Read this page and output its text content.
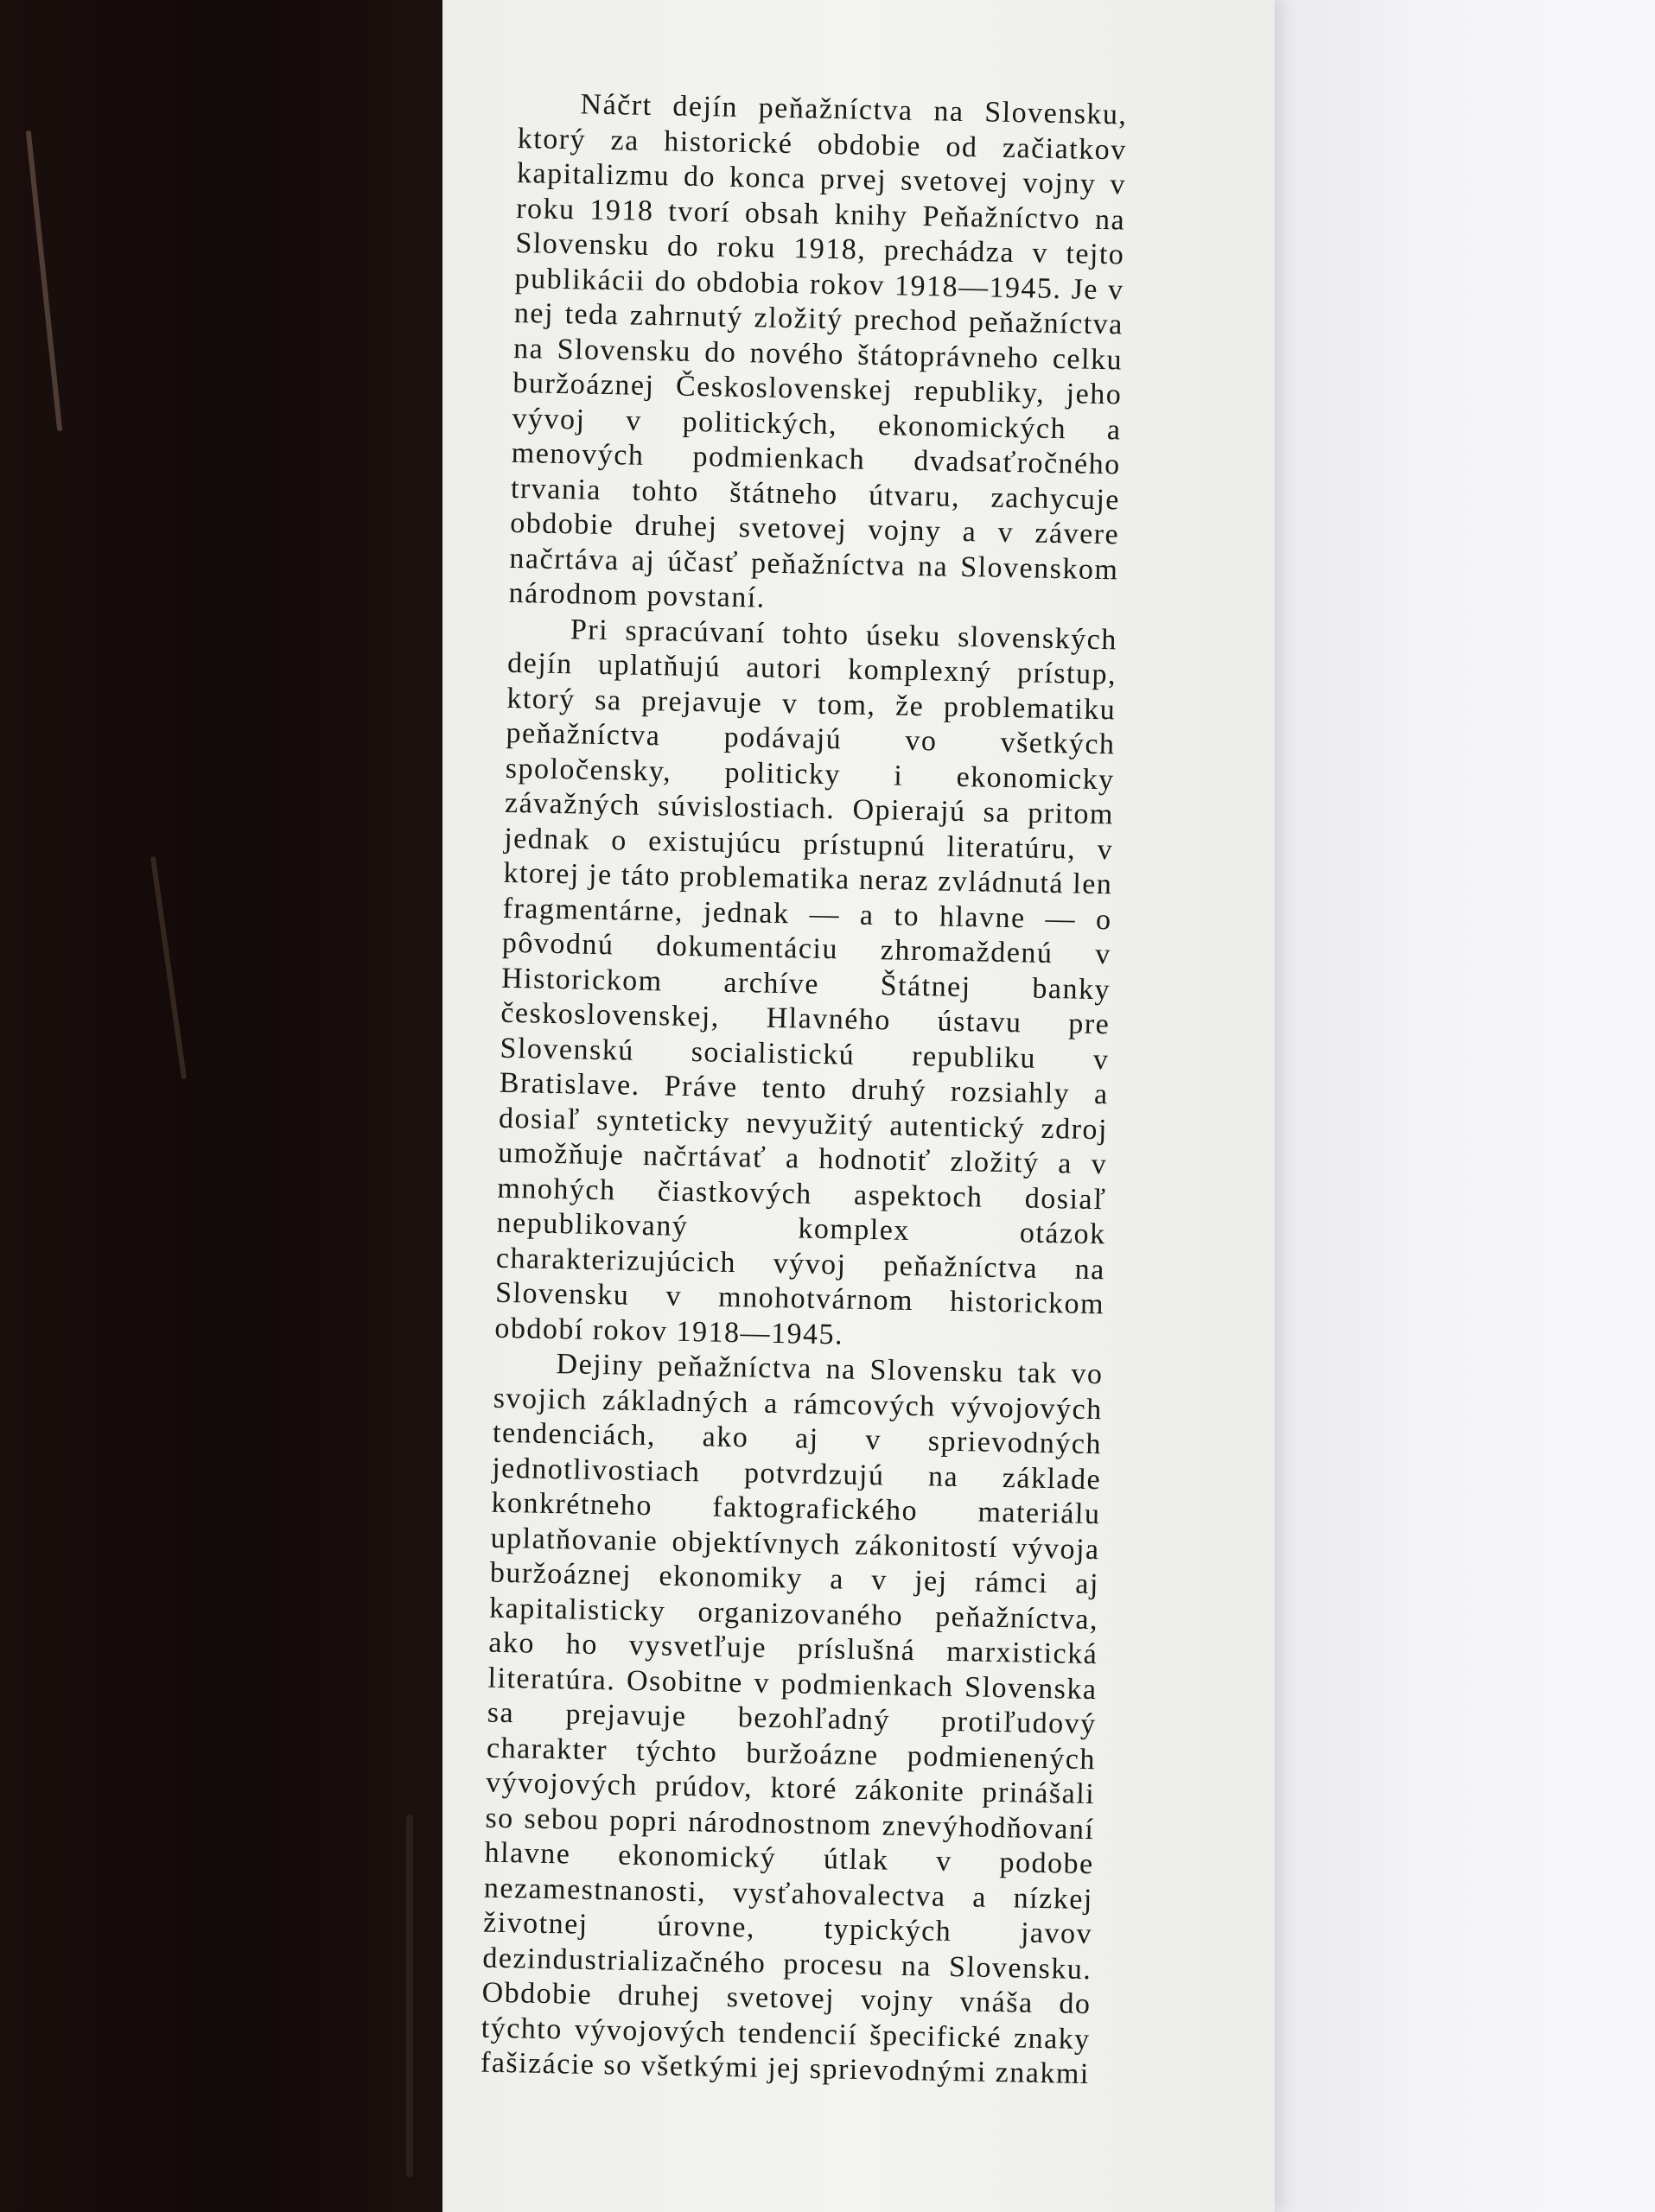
Náčrt dejín peňažníctva na Slovensku, ktorý za historické obdobie od začiatkov kapitalizmu do konca prvej svetovej vojny v roku 1918 tvorí obsah knihy Peňažníctvo na Slovensku do roku 1918, prechádza v tejto publikácii do obdobia rokov 1918—1945. Je v nej teda zahrnutý zložitý prechod peňažníctva na Slovensku do nového štátoprávneho celku buržoáznej Československej republiky, jeho vývoj v politických, ekonomických a menových podmienkach dvadsaťročného trvania tohto štátneho útvaru, zachycuje obdobie druhej svetovej vojny a v závere načrtáva aj účasť peňažníctva na Slovenskom národnom povstaní.

Pri spracúvaní tohto úseku slovenských dejín uplatňujú autori komplexný prístup, ktorý sa prejavuje v tom, že problematiku peňažníctva podávajú vo všetkých spoločensky, politicky i ekonomicky závažných súvislostiach. Opierajú sa pritom jednak o existujúcu prístupnú literatúru, v ktorej je táto problematika neraz zvládnutá len fragmentárne, jednak — a to hlavne — o pôvodnú dokumentáciu zhromaždenú v Historickom archíve Štátnej banky československej, Hlavného ústavu pre Slovenskú socialistickú republiku v Bratislave. Práve tento druhý rozsiahly a dosiaľ synteticky nevyužitý autentický zdroj umožňuje načrtávať a hodnotiť zložitý a v mnohých čiastkových aspektoch dosiaľ nepublikovaný komplex otázok charakterizujúcich vývoj peňažníctva na Slovensku v mnohotvárnom historickom období rokov 1918—1945.

Dejiny peňažníctva na Slovensku tak vo svojich základných a rámcových vývojových tendenciách, ako aj v sprievodných jednotlivostiach potvrdzujú na základe konkrétneho faktografického materiálu uplatňovanie objektívnych zákonitostí vývoja buržoáznej ekonomiky a v jej rámci aj kapitalisticky organizovaného peňažníctva, ako ho vysvetľuje príslušná marxistická literatúra. Osobitne v podmienkach Slovenska sa prejavuje bezohľadný protiľudový charakter týchto buržoázne podmienených vývojových prúdov, ktoré zákonite prinášali so sebou popri národnostnom znevýhodňovaní hlavne ekonomický útlak v podobe nezamestnanosti, vysťahovalectva a nízkej životnej úrovne, typických javov dezindustrializačného procesu na Slovensku. Obdobie druhej svetovej vojny vnáša do týchto vývojových tendencií špecifické znaky fašizácie so všetkými jej sprievodnými znakmi
